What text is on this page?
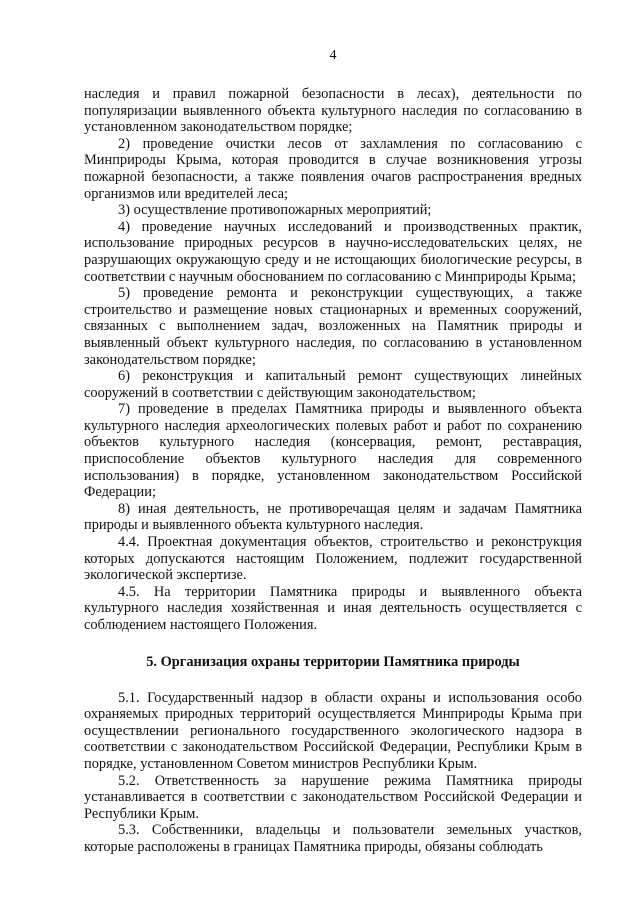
4

наследия и правил пожарной безопасности в лесах), деятельности по популяризации выявленного объекта культурного наследия по согласованию в установленном законодательством порядке;

2) проведение очистки лесов от захламления по согласованию с Минприроды Крыма, которая проводится в случае возникновения угрозы пожарной безопасности, а также появления очагов распространения вредных организмов или вредителей леса;

3) осуществление противопожарных мероприятий;

4) проведение научных исследований и производственных практик, использование природных ресурсов в научно-исследовательских целях, не разрушающих окружающую среду и не истощающих биологические ресурсы, в соответствии с научным обоснованием по согласованию с Минприроды Крыма;

5) проведение ремонта и реконструкции существующих, а также строительство и размещение новых стационарных и временных сооружений, связанных с выполнением задач, возложенных на Памятник природы и выявленный объект культурного наследия, по согласованию в установленном законодательством порядке;

6) реконструкция и капитальный ремонт существующих линейных сооружений в соответствии с действующим законодательством;

7) проведение в пределах Памятника природы и выявленного объекта культурного наследия археологических полевых работ и работ по сохранению объектов культурного наследия (консервация, ремонт, реставрация, приспособление объектов культурного наследия для современного использования) в порядке, установленном законодательством Российской Федерации;

8) иная деятельность, не противоречащая целям и задачам Памятника природы и выявленного объекта культурного наследия.

4.4. Проектная документация объектов, строительство и реконструкция которых допускаются настоящим Положением, подлежит государственной экологической экспертизе.

4.5. На территории Памятника природы и выявленного объекта культурного наследия хозяйственная и иная деятельность осуществляется с соблюдением настоящего Положения.

5. Организация охраны территории Памятника природы

5.1. Государственный надзор в области охраны и использования особо охраняемых природных территорий осуществляется Минприроды Крыма при осуществлении регионального государственного экологического надзора в соответствии с законодательством Российской Федерации, Республики Крым в порядке, установленном Советом министров Республики Крым.

5.2. Ответственность за нарушение режима Памятника природы устанавливается в соответствии с законодательством Российской Федерации и Республики Крым.

5.3. Собственники, владельцы и пользователи земельных участков, которые расположены в границах Памятника природы, обязаны соблюдать
